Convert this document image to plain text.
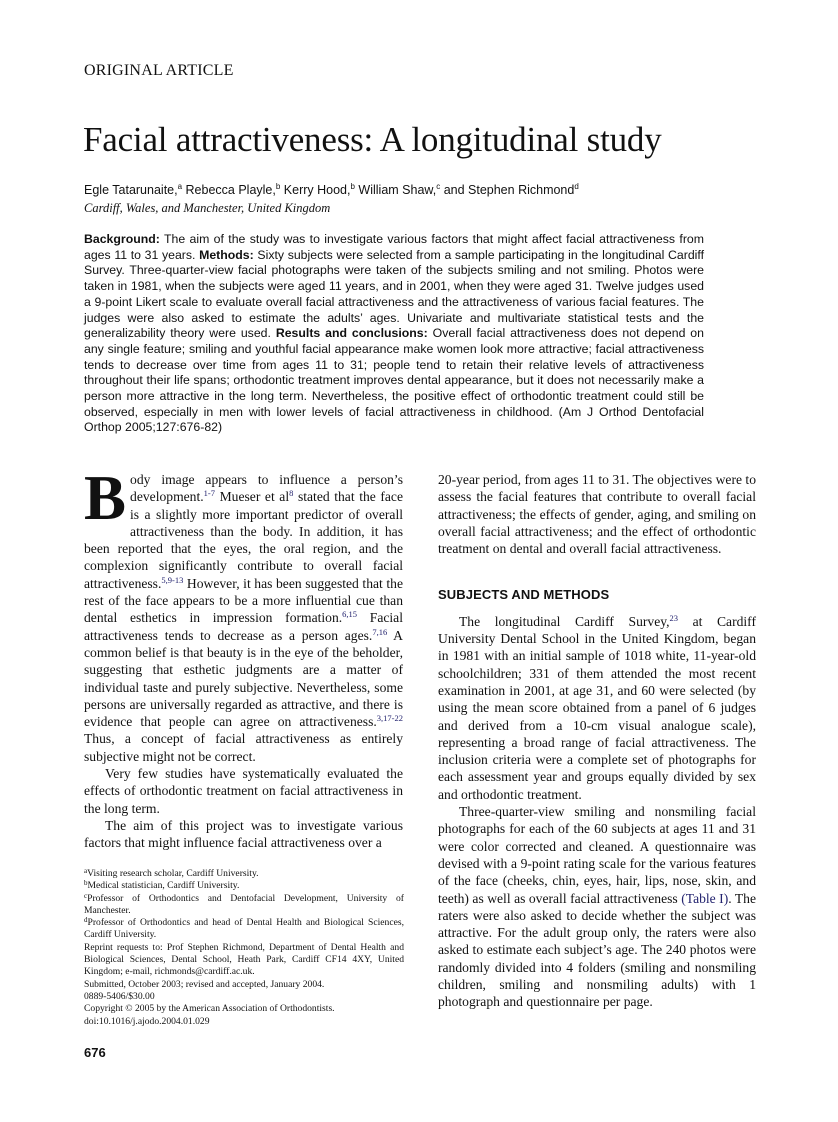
ORIGINAL ARTICLE
Facial attractiveness: A longitudinal study
Egle Tatarunaite,$^a$ Rebecca Playle,$^b$ Kerry Hood,$^b$ William Shaw,$^c$ and Stephen Richmond$^d$
Cardiff, Wales, and Manchester, United Kingdom
Background: The aim of the study was to investigate various factors that might affect facial attractiveness from ages 11 to 31 years. Methods: Sixty subjects were selected from a sample participating in the longitudinal Cardiff Survey. Three-quarter-view facial photographs were taken of the subjects smiling and not smiling. Photos were taken in 1981, when the subjects were aged 11 years, and in 2001, when they were aged 31. Twelve judges used a 9-point Likert scale to evaluate overall facial attractiveness and the attractiveness of various facial features. The judges were also asked to estimate the adults’ ages. Univariate and multivariate statistical tests and the generalizability theory were used. Results and conclusions: Overall facial attractiveness does not depend on any single feature; smiling and youthful facial appearance make women look more attractive; facial attractiveness tends to decrease over time from ages 11 to 31; people tend to retain their relative levels of attractiveness throughout their life spans; orthodontic treatment improves dental appearance, but it does not necessarily make a person more attractive in the long term. Nevertheless, the positive effect of orthodontic treatment could still be observed, especially in men with lower levels of facial attractiveness in childhood. (Am J Orthod Dentofacial Orthop 2005;127:676-82)

Body image appears to influence a person’s development.$^{1-7}$ Mueser et al$^8$ stated that the face is a slightly more important predictor of overall attractiveness than the body. In addition, it has been reported that the eyes, the oral region, and the complexion significantly contribute to overall facial attractiveness.$^{5,9-13}$ However, it has been suggested that the rest of the face appears to be a more influential cue than dental esthetics in impression formation.$^{6,15}$ Facial attractiveness tends to decrease as a person ages.$^{7,16}$ A common belief is that beauty is in the eye of the beholder, suggesting that esthetic judgments are a matter of individual taste and purely subjective. Nevertheless, some persons are universally regarded as attractive, and there is evidence that people can agree on attractiveness.$^{3,17-22}$ Thus, a concept of facial attractiveness as entirely subjective might not be correct.

Very few studies have systematically evaluated the effects of orthodontic treatment on facial attractiveness in the long term.

The aim of this project was to investigate various factors that might influence facial attractiveness over a

20-year period, from ages 11 to 31. The objectives were to assess the facial features that contribute to overall facial attractiveness; the effects of gender, aging, and smiling on overall facial attractiveness; and the effect of orthodontic treatment on dental and overall facial attractiveness.

SUBJECTS AND METHODS

The longitudinal Cardiff Survey,$^{23}$ at Cardiff University Dental School in the United Kingdom, began in 1981 with an initial sample of 1018 white, 11-year-old schoolchildren; 331 of them attended the most recent examination in 2001, at age 31, and 60 were selected (by using the mean score obtained from a panel of 6 judges and derived from a 10-cm visual analogue scale), representing a broad range of facial attractiveness. The inclusion criteria were a complete set of photographs for each assessment year and groups equally divided by sex and orthodontic treatment.

Three-quarter-view smiling and nonsmiling facial photographs for each of the 60 subjects at ages 11 and 31 were color corrected and cleaned. A questionnaire was devised with a 9-point rating scale for the various features of the face (cheeks, chin, eyes, hair, lips, nose, skin, and teeth) as well as overall facial attractiveness (Table I). The raters were also asked to decide whether the subject was attractive. For the adult group only, the raters were also asked to estimate each subject’s age. The 240 photos were randomly divided into 4 folders (smiling and nonsmiling children, smiling and nonsmiling adults) with 1 photograph and questionnaire per page.

$^a$Visiting research scholar, Cardiff University.
$^b$Medical statistician, Cardiff University.
$^c$Professor of Orthodontics and Dentofacial Development, University of Manchester.
$^d$Professor of Orthodontics and head of Dental Health and Biological Sciences, Cardiff University.
Reprint requests to: Prof Stephen Richmond, Department of Dental Health and Biological Sciences, Dental School, Heath Park, Cardiff CF14 4XY, United Kingdom; e-mail, richmonds@cardiff.ac.uk.
Submitted, October 2003; revised and accepted, January 2004.
0889-5406/$30.00
Copyright © 2005 by the American Association of Orthodontists.
doi:10.1016/j.ajodo.2004.01.029
676
